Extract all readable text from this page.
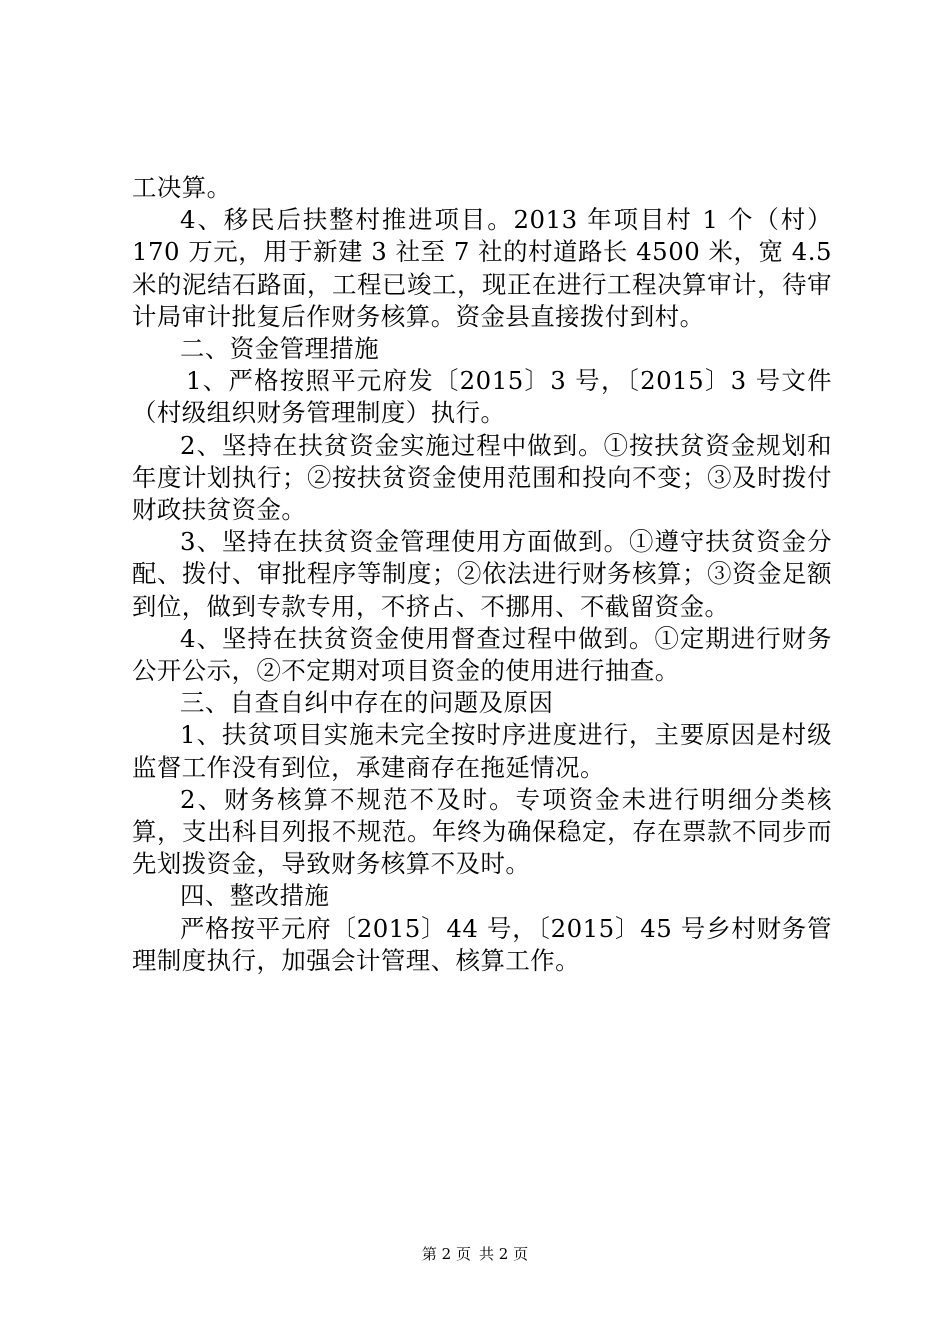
工决算。

4、移民后扶整村推进项目。2013 年项目村 1 个（村）170 万元，用于新建 3 社至 7 社的村道路长 4500 米，宽 4.5 米的泥结石路面，工程已竣工，现正在进行工程决算审计，待审计局审计批复后作财务核算。资金县直接拨付到村。

二、资金管理措施

1、严格按照平元府发〔2015〕3 号，〔2015〕3 号文件（村级组织财务管理制度）执行。

2、坚持在扶贫资金实施过程中做到。①按扶贫资金规划和年度计划执行；②按扶贫资金使用范围和投向不变；③及时拨付财政扶贫资金。

3、坚持在扶贫资金管理使用方面做到。①遵守扶贫资金分配、拨付、审批程序等制度；②依法进行财务核算；③资金足额到位，做到专款专用，不挤占、不挪用、不截留资金。

4、坚持在扶贫资金使用督查过程中做到。①定期进行财务公开公示，②不定期对项目资金的使用进行抽查。

三、自查自纠中存在的问题及原因

1、扶贫项目实施未完全按时序进度进行，主要原因是村级监督工作没有到位，承建商存在拖延情况。

2、财务核算不规范不及时。专项资金未进行明细分类核算，支出科目列报不规范。年终为确保稳定，存在票款不同步而先划拨资金，导致财务核算不及时。

四、整改措施

严格按平元府〔2015〕44 号，〔2015〕45 号乡村财务管理制度执行，加强会计管理、核算工作。

第 2 页 共 2 页
